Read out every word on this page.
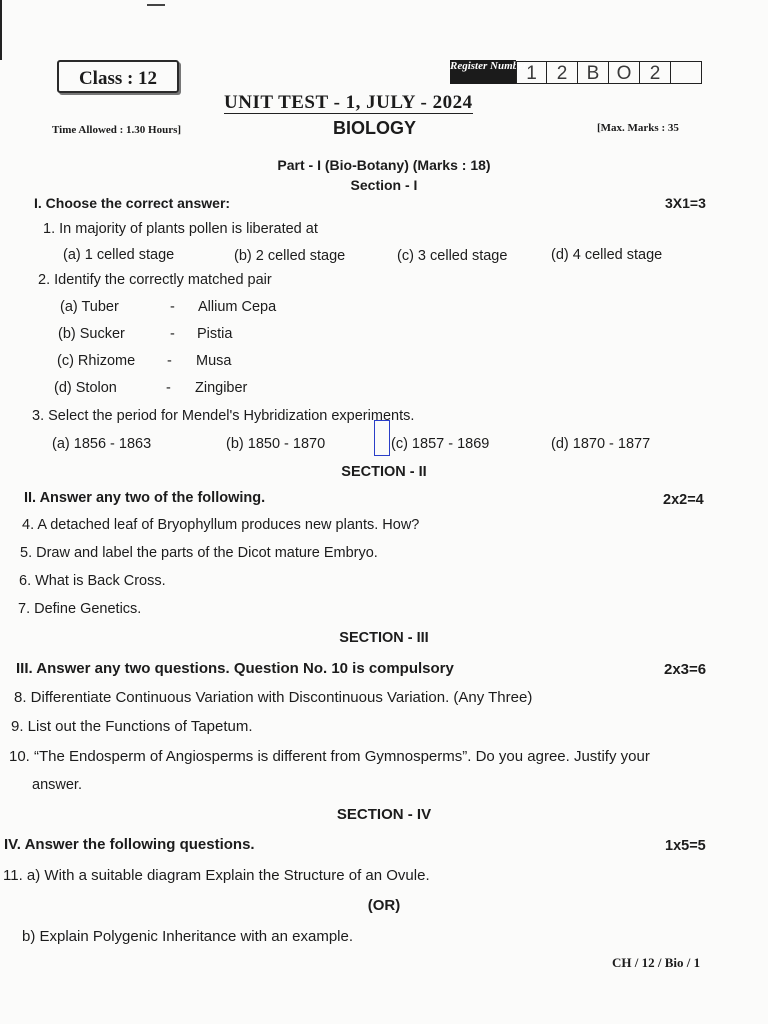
Class : 12
Register Number
1	2	B O 2
UNIT TEST - 1, JULY - 2024
Time Allowed : 1.30 Hours]	BIOLOGY	[Max. Marks : 35
Part - I (Bio-Botany) (Marks : 18)
Section - I
I. Choose the correct answer:	3X1=3
1. In majority of plants pollen is liberated at
(a) 1 celled stage	(b) 2 celled stage	(c) 3 celled stage	(d) 4 celled stage
2. Identify the correctly matched pair
(a) Tuber	- Allium Cepa
(b) Sucker	- Pistia
(c) Rhizome - Musa
(d) Stolon	- Zingiber
3. Select the period for Mendel's Hybridization experiments.
(a) 1856 - 1863	(b) 1850 - 1870	(c) 1857 - 1869	(d) 1870 - 1877
SECTION - II
II. Answer any two of the following.	2x2=4
4. A detached leaf of Bryophyllum produces new plants. How?
5. Draw and label the parts of the Dicot mature Embryo.
6. What is Back Cross.
7. Define Genetics.
SECTION - III
III. Answer any two questions. Question No. 10 is compulsory	2x3=6
8. Differentiate Continuous Variation with Discontinuous Variation. (Any Three)
9. List out the Functions of Tapetum.
10. “The Endosperm of Angiosperms is different from Gymnosperms”. Do you agree. Justify your
answer.
SECTION - IV
IV. Answer the following questions.	1x5=5
11. a) With a suitable diagram Explain the Structure of an Ovule.
(OR)
b) Explain Polygenic Inheritance with an example.
CH / 12 / Bio / 1
